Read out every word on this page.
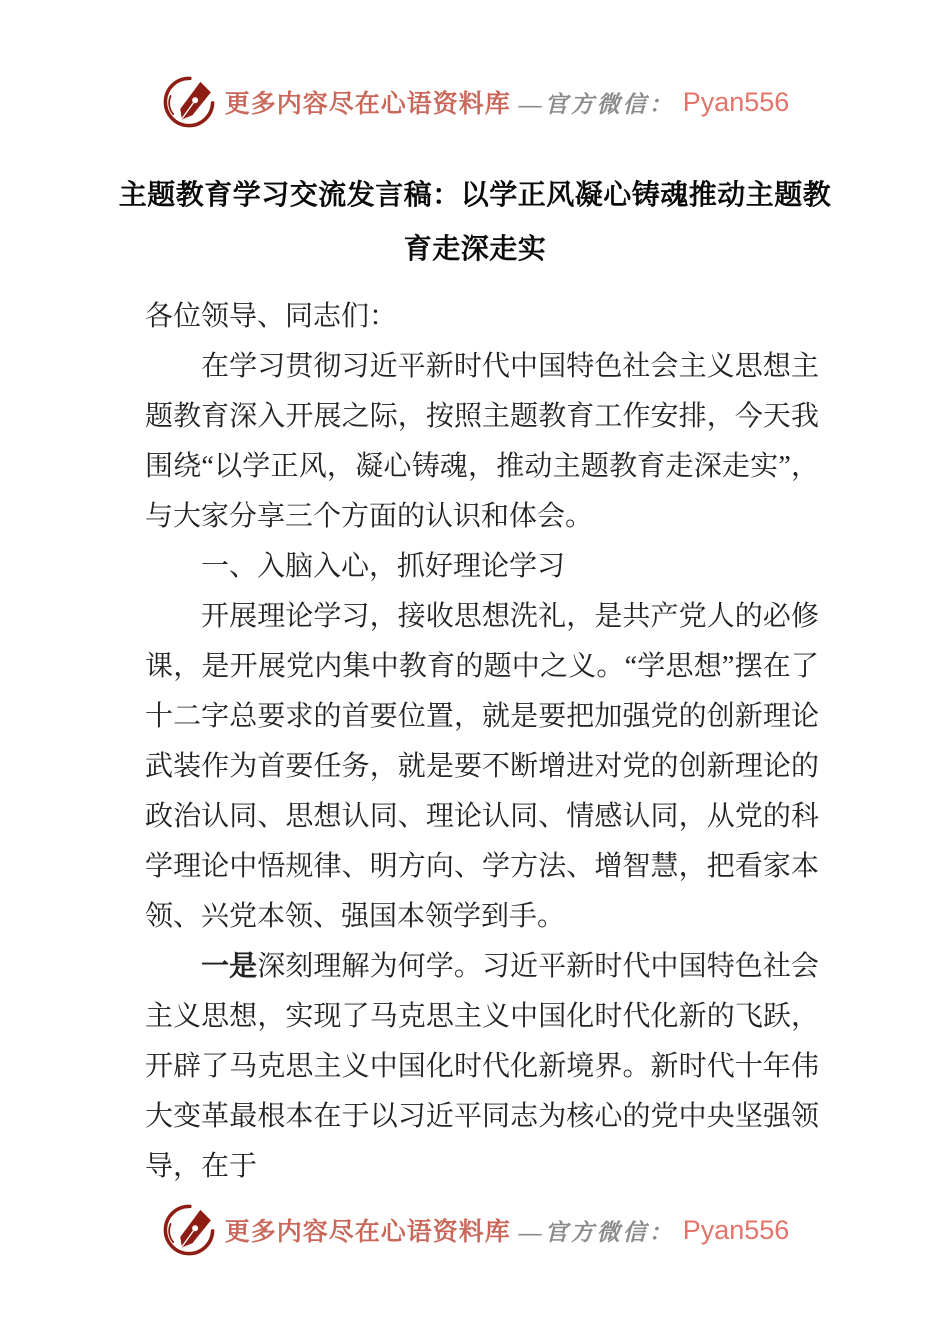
更多内容尽在心语资料库 —官方微信： Pyan556
主题教育学习交流发言稿：以学正风凝心铸魂推动主题教
育走深走实

各位领导、同志们：

在学习贯彻习近平新时代中国特色社会主义思想主题教育深入开展之际，按照主题教育工作安排，今天我围绕“以学正风，凝心铸魂，推动主题教育走深走实”，与大家分享三个方面的认识和体会。

一、入脑入心，抓好理论学习

开展理论学习，接收思想洗礼，是共产党人的必修课，是开展党内集中教育的题中之义。“学思想”摆在了十二字总要求的首要位置，就是要把加强党的创新理论武装作为首要任务，就是要不断增进对党的创新理论的政治认同、思想认同、理论认同、情感认同，从党的科学理论中悟规律、明方向、学方法、增智慧，把看家本领、兴党本领、强国本领学到手。

一是深刻理解为何学。习近平新时代中国特色社会主义思想，实现了马克思主义中国化时代化新的飞跃，开辟了马克思主义中国化时代化新境界。新时代十年伟大变革最根本在于以习近平同志为核心的党中央坚强领导，在于

更多内容尽在心语资料库 —官方微信： Pyan556
